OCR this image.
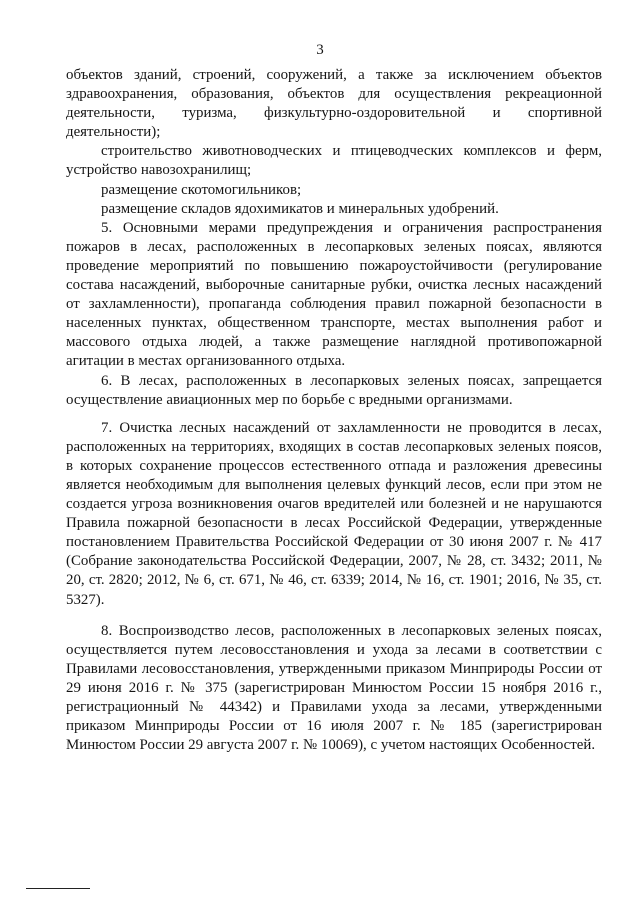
3

объектов зданий, строений, сооружений, а также за исключением объектов здравоохранения, образования, объектов для осуществления рекреационной деятельности, туризма, физкультурно-оздоровительной и спортивной деятельности);

строительство животноводческих и птицеводческих комплексов и ферм, устройство навозохранилищ;

размещение скотомогильников;

размещение складов ядохимикатов и минеральных удобрений.

5. Основными мерами предупреждения и ограничения распространения пожаров в лесах, расположенных в лесопарковых зеленых поясах, являются проведение мероприятий по повышению пожароустойчивости (регулирование состава насаждений, выборочные санитарные рубки, очистка лесных насаждений от захламленности), пропаганда соблюдения правил пожарной безопасности в населенных пунктах, общественном транспорте, местах выполнения работ и массового отдыха людей, а также размещение наглядной противопожарной агитации в местах организованного отдыха.

6. В лесах, расположенных в лесопарковых зеленых поясах, запрещается осуществление авиационных мер по борьбе с вредными организмами.

7. Очистка лесных насаждений от захламленности не проводится в лесах, расположенных на территориях, входящих в состав лесопарковых зеленых поясов, в которых сохранение процессов естественного отпада и разложения древесины является необходимым для выполнения целевых функций лесов, если при этом не создается угроза возникновения очагов вредителей или болезней и не нарушаются Правила пожарной безопасности в лесах Российской Федерации, утвержденные постановлением Правительства Российской Федерации от 30 июня 2007 г. № 417 (Собрание законодательства Российской Федерации, 2007, № 28, ст. 3432; 2011, № 20, ст. 2820; 2012, № 6, ст. 671, № 46, ст. 6339; 2014, № 16, ст. 1901; 2016, № 35, ст. 5327).

8. Воспроизводство лесов, расположенных в лесопарковых зеленых поясах, осуществляется путем лесовосстановления и ухода за лесами в соответствии с Правилами лесовосстановления, утвержденными приказом Минприроды России от 29 июня 2016 г. № 375 (зарегистрирован Минюстом России 15 ноября 2016 г., регистрационный № 44342) и Правилами ухода за лесами, утвержденными приказом Минприроды России от 16 июля 2007 г. № 185 (зарегистрирован Минюстом России 29 августа 2007 г. № 10069), с учетом настоящих Особенностей.
